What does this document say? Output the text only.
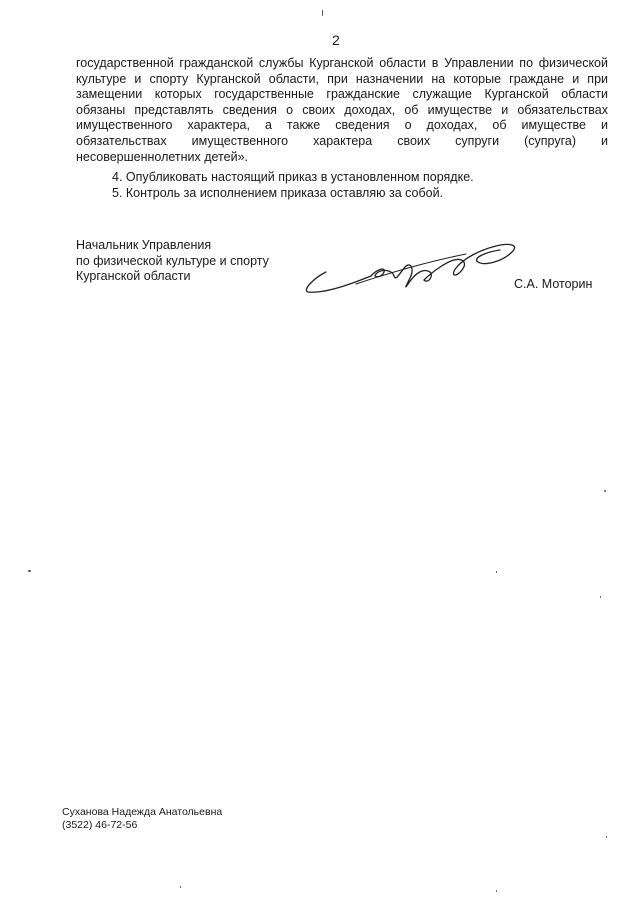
2
государственной гражданской службы Курганской области в Управлении по физической
культуре и спорту Курганской области, при назначении на которые граждане и при
замещении которых государственные гражданские служащие Курганской области
обязаны представлять сведения о своих доходах, об имуществе и обязательствах
имущественного характера, а также сведения о доходах, об имуществе и
обязательствах имущественного характера своих супруги (супруга) и
несовершеннолетних детей».
4. Опубликовать настоящий приказ в установленном порядке.
5. Контроль за исполнением приказа оставляю за собой.
Начальник Управления
по физической культуре и спорту
Курганской области
С.А. Моторин
Суханова Надежда Анатольевна
(3522) 46-72-56
